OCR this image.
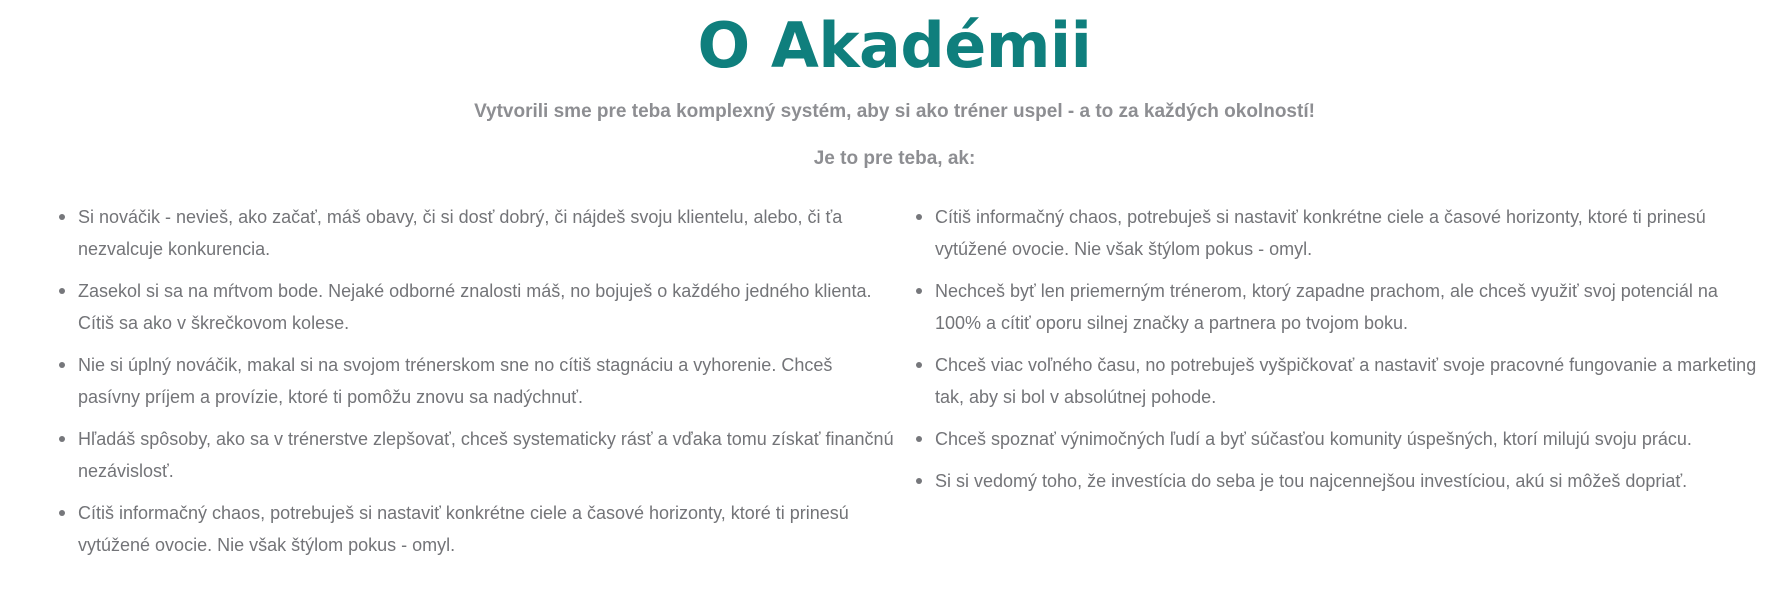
O Akadémii

Vytvorili sme pre teba komplexný systém, aby si ako tréner uspel - a to za každých okolností!

Je to pre teba, ak:

Si nováčik - nevieš, ako začať, máš obavy, či si dosť dobrý, či nájdeš svoju klientelu, alebo, či ťa nezvalcuje konkurencia.
Zasekol si sa na mŕtvom bode. Nejaké odborné znalosti máš, no bojuješ o každého jedného klienta. Cítiš sa ako v škrečkovom kolese.
Nie si úplný nováčik, makal si na svojom trénerskom sne no cítiš stagnáciu a vyhorenie. Chceš pasívny príjem a provízie, ktoré ti pomôžu znovu sa nadýchnuť.
Hľadáš spôsoby, ako sa v trénerstve zlepšovať, chceš systematicky rásť a vďaka tomu získať finančnú nezávislosť.
Cítiš informačný chaos, potrebuješ si nastaviť konkrétne ciele a časové horizonty, ktoré ti prinesú vytúžené ovocie. Nie však štýlom pokus - omyl.
Cítiš informačný chaos, potrebuješ si nastaviť konkrétne ciele a časové horizonty, ktoré ti prinesú vytúžené ovocie. Nie však štýlom pokus - omyl.
Nechceš byť len priemerným trénerom, ktorý zapadne prachom, ale chceš využiť svoj potenciál na 100% a cítiť oporu silnej značky a partnera po tvojom boku.
Chceš viac voľného času, no potrebuješ vyšpičkovať a nastaviť svoje pracovné fungovanie a marketing tak, aby si bol v absolútnej pohode.
Chceš spoznať výnimočných ľudí a byť súčasťou komunity úspešných, ktorí milujú svoju prácu.
Si si vedomý toho, že investícia do seba je tou najcennejšou investíciou, akú si môžeš dopriať.
